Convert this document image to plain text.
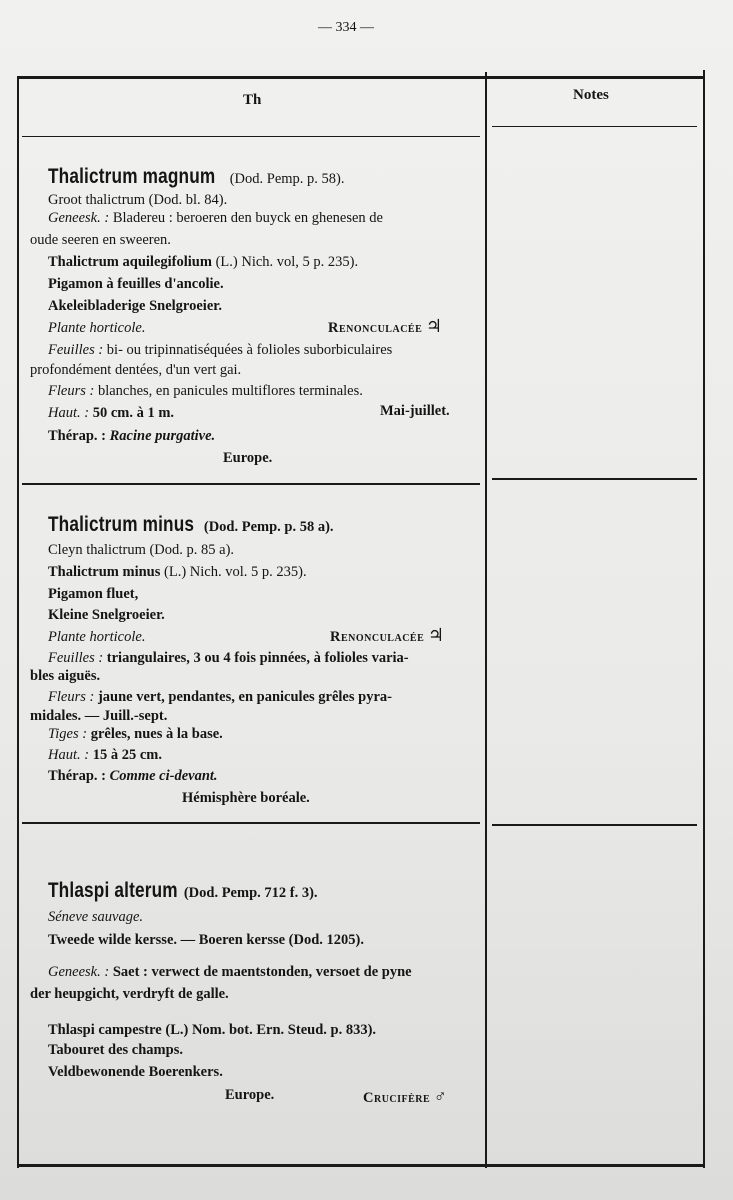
— 334 —
Th	Notes
Thalictrum magnum (Dod. Pemp. p. 58).
Groot thalictrum (Dod. bl. 84).
Geneesk. : Bladereu : beroeren den buyck en ghenesen de
oude seeren en sweeren.
Thalictrum aquilegifolium (L.) Nich. vol, 5 p. 235).
Pigamon à feuilles d'ancolie.
Akeleibladerige Snelgroeier.
Plante horticole.	Renonculacée ♃
Feuilles : bi- ou tripinnatiséquées à folioles suborbiculaires
profondément dentées, d'un vert gai.
Fleurs : blanches, en panicules multiflores terminales.
Haut. : 50 cm. à 1 m.	Mai-juillet.
Thérap. : Racine purgative.
Europe.
Thalictrum minus (Dod. Pemp. p. 58 a).
Cleyn thalictrum (Dod. p. 85 a).
Thalictrum minus (L.) Nich. vol. 5 p. 235).
Pigamon fluet,
Kleine Snelgroeier.
Plante horticole.	Renonculacée ♃
Feuilles : triangulaires, 3 ou 4 fois pinnées, à folioles varia-
bles aiguës.
Fleurs : jaune vert, pendantes, en panicules grêles pyra-
midales. — Juill.-sept.
Tiges : grêles, nues à la base.
Haut. : 15 à 25 cm.
Thérap. : Comme ci-devant.
Hémisphère boréale.
Thlaspi alterum (Dod. Pemp. 712 f. 3).
Séneve sauvage.
Tweede wilde kersse. — Boeren kersse (Dod. 1205).
Geneesk. : Saet : verwect de maentstonden, versoet de pyne
der heupgicht, verdryft de galle.
Thlaspi campestre (L.) Nom. bot. Ern. Steud. p. 833).
Tabouret des champs.
Veldbewonende Boerenkers.
Europe.	Crucifère ♂
